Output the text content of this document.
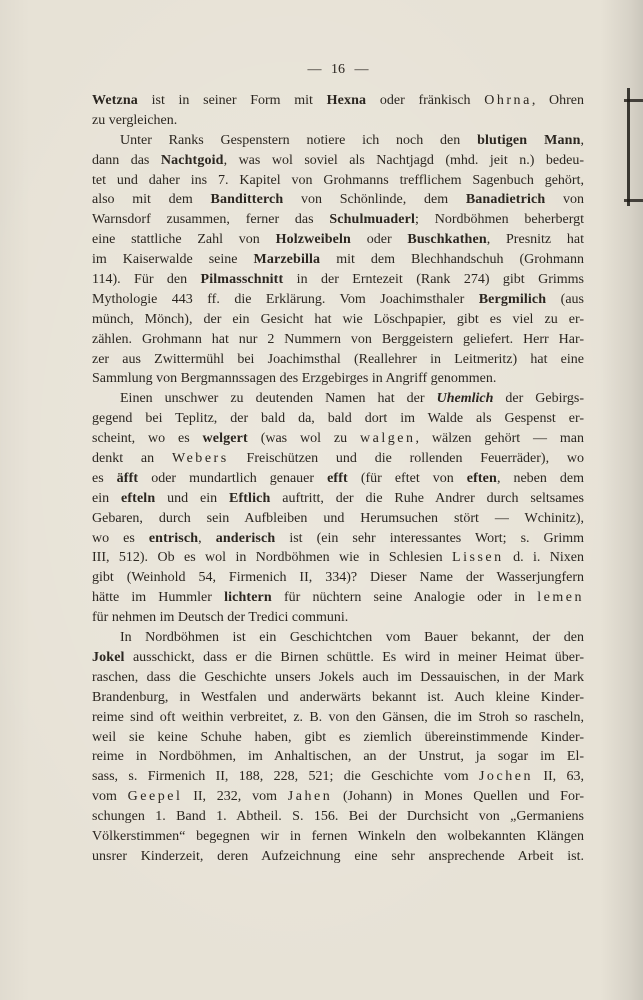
— 16 —
Wetzna ist in seiner Form mit Hexna oder fränkisch Ohrna, Ohren
zu vergleichen.
Unter Ranks Gespenstern notiere ich noch den blutigen Mann,
dann das Nachtgoid, was wol soviel als Nachtjagd (mhd. jeit n.) bedeu-
tet und daher ins 7. Kapitel von Grohmanns trefflichem Sagenbuch gehört,
also mit dem Banditterch von Schönlinde, dem Banadietrich von
Warnsdorf zusammen, ferner das Schulmuaderl; Nordböhmen beherbergt
eine stattliche Zahl von Holzweibeln oder Buschkathen, Presnitz hat
im Kaiserwalde seine Marzebilla mit dem Blechhandschuh (Grohmann
114). Für den Pilmasschnitt in der Erntezeit (Rank 274) gibt Grimms
Mythologie 443 ff. die Erklärung. Vom Joachimsthaler Bergmilich (aus
münch, Mönch), der ein Gesicht hat wie Löschpapier, gibt es viel zu er-
zählen. Grohmann hat nur 2 Nummern von Berggeistern geliefert. Herr Har-
zer aus Zwittermühl bei Joachimsthal (Reallehrer in Leitmeritz) hat eine
Sammlung von Bergmannssagen des Erzgebirges in Angriff genommen.
Einen unschwer zu deutenden Namen hat der Uhemlich der Gebirgs-
gegend bei Teplitz, der bald da, bald dort im Walde als Gespenst er-
scheint, wo es welgert (was wol zu walgen, wälzen gehört — man
denkt an Webers Freischützen und die rollenden Feuerräder), wo
es äfft oder mundartlich genauer efft (für eftet von eften, neben dem
ein efteln und ein Eftlich auftritt, der die Ruhe Andrer durch seltsames
Gebaren, durch sein Aufbleiben und Herumsuchen stört — Wchinitz),
wo es entrisch, anderisch ist (ein sehr interessantes Wort; s. Grimm
III, 512). Ob es wol in Nordböhmen wie in Schlesien Lissen d. i. Nixen
gibt (Weinhold 54, Firmenich II, 334)? Dieser Name der Wasserjungfern
hätte im Hummler lichtern für nüchtern seine Analogie oder in lemen
für nehmen im Deutsch der Tredici communi.
In Nordböhmen ist ein Geschichtchen vom Bauer bekannt, der den
Jokel ausschickt, dass er die Birnen schüttle. Es wird in meiner Heimat über-
raschen, dass die Geschichte unsers Jokels auch im Dessauischen, in der Mark
Brandenburg, in Westfalen und anderwärts bekannt ist. Auch kleine Kinder-
reime sind oft weithin verbreitet, z. B. von den Gänsen, die im Stroh so rascheln,
weil sie keine Schuhe haben, gibt es ziemlich übereinstimmende Kinder-
reime in Nordböhmen, im Anhaltischen, an der Unstrut, ja sogar im El-
sass, s. Firmenich II, 188, 228, 521; die Geschichte vom Jochen II, 63,
vom Geepel II, 232, vom Jahen (Johann) in Mones Quellen und For-
schungen 1. Band 1. Abtheil. S. 156. Bei der Durchsicht von „Germaniens
Völkerstimmen“ begegnen wir in fernen Winkeln den wolbekannten Klängen
unsrer Kinderzeit, deren Aufzeichnung eine sehr ansprechende Arbeit ist.
